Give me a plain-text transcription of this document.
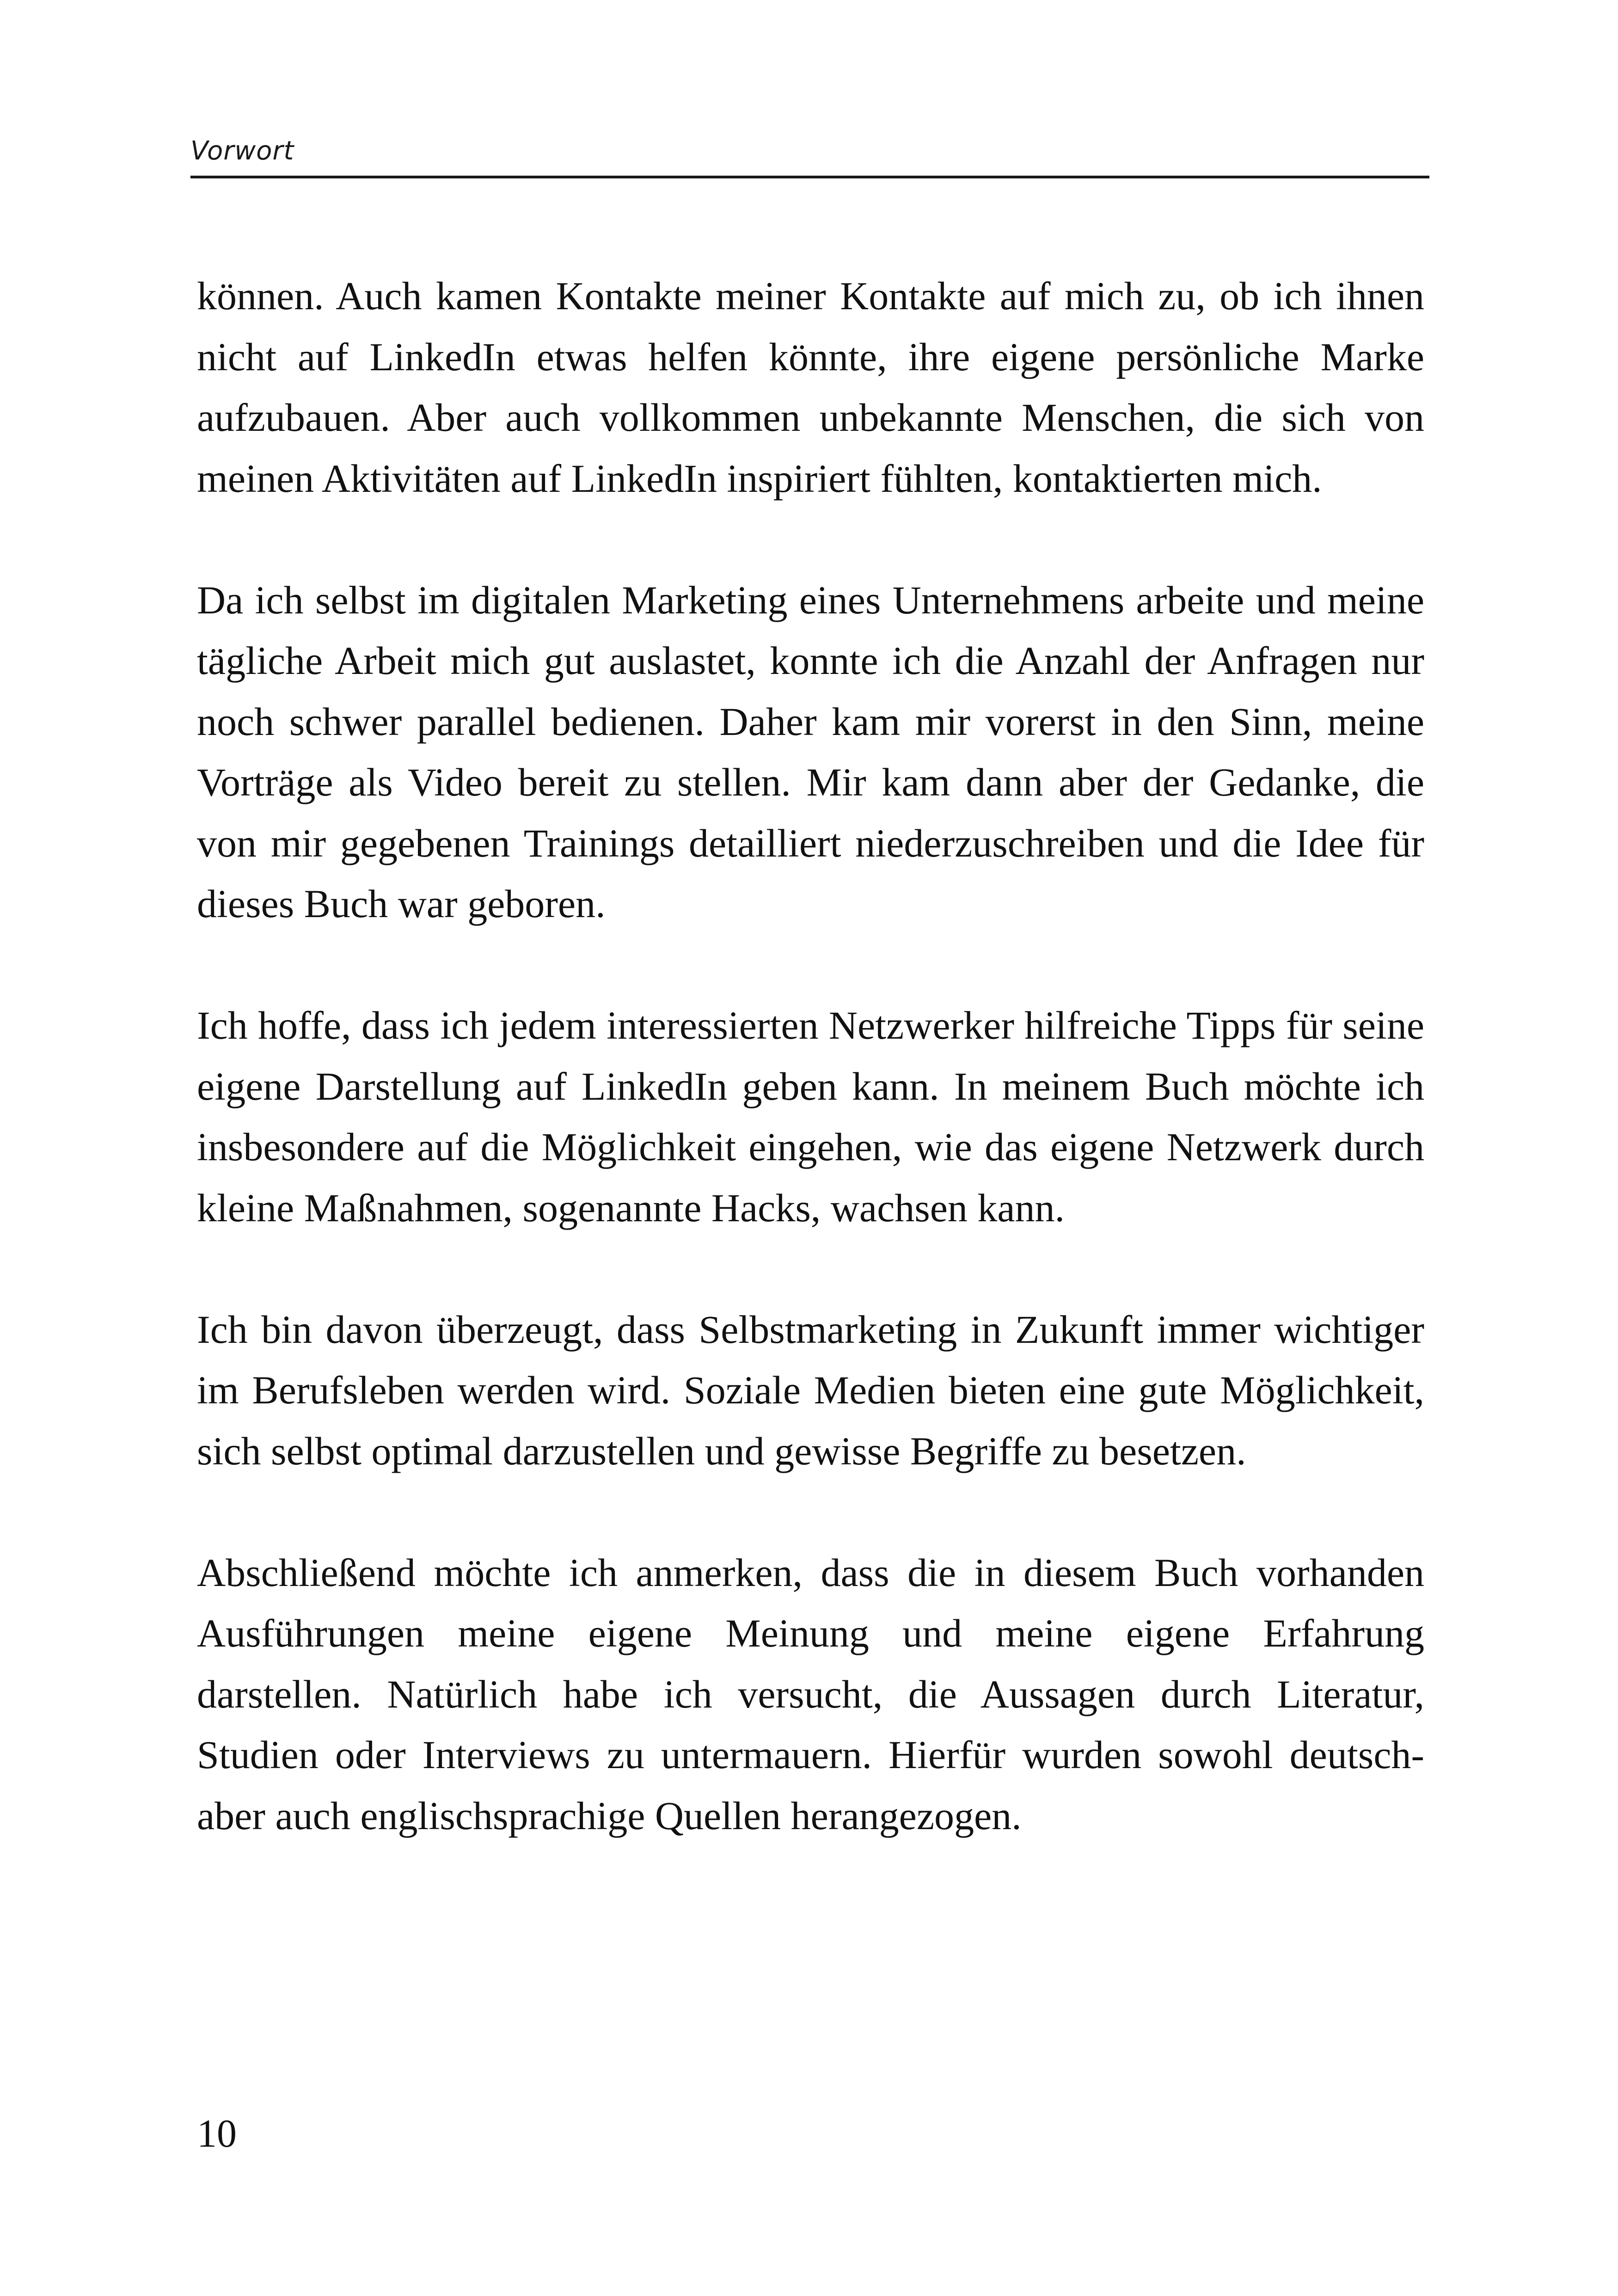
Vorwort

können. Auch kamen Kontakte meiner Kontakte auf mich zu, ob ich ihnen nicht auf LinkedIn etwas helfen könnte, ihre eigene persönliche Marke aufzubauen. Aber auch vollkommen unbekannte Menschen, die sich von meinen Aktivitäten auf LinkedIn inspiriert fühlten, kontaktierten mich.

Da ich selbst im digitalen Marketing eines Unternehmens arbeite und meine tägliche Arbeit mich gut auslastet, konnte ich die Anzahl der Anfragen nur noch schwer parallel bedienen. Daher kam mir vorerst in den Sinn, meine Vorträge als Video bereit zu stellen. Mir kam dann aber der Gedanke, die von mir gegebenen Trainings detailliert niederzuschreiben und die Idee für dieses Buch war geboren.

Ich hoffe, dass ich jedem interessierten Netzwerker hilfreiche Tipps für seine eigene Darstellung auf LinkedIn geben kann. In meinem Buch möchte ich insbesondere auf die Möglichkeit eingehen, wie das eigene Netzwerk durch kleine Maßnahmen, sogenannte Hacks, wachsen kann.

Ich bin davon überzeugt, dass Selbstmarketing in Zukunft immer wichtiger im Berufsleben werden wird. Soziale Medien bieten eine gute Möglichkeit, sich selbst optimal darzustellen und gewisse Begriffe zu besetzen.

Abschließend möchte ich anmerken, dass die in diesem Buch vorhanden Ausführungen meine eigene Meinung und meine eigene Erfahrung darstellen. Natürlich habe ich versucht, die Aussagen durch Literatur, Studien oder Interviews zu untermauern. Hierfür wurden sowohl deutsch- aber auch englischsprachige Quellen herangezogen.

10
